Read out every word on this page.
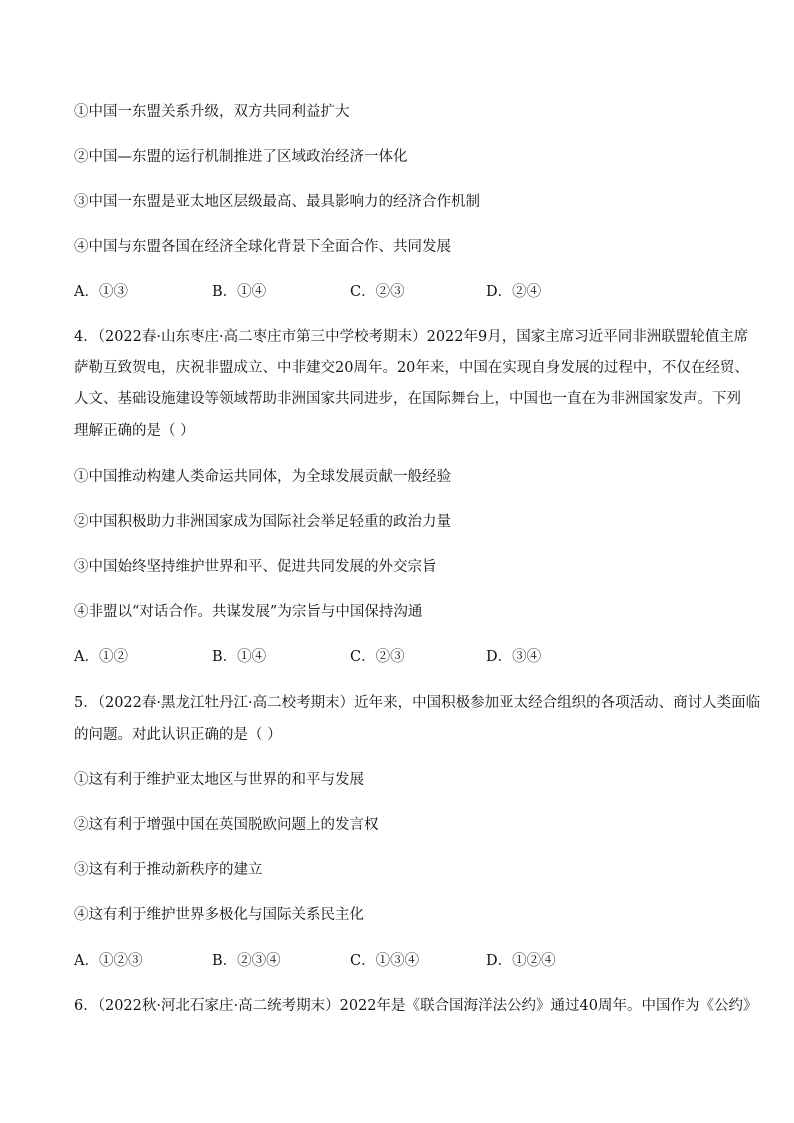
①中国一东盟关系升级，双方共同利益扩大
②中国—东盟的运行机制推进了区域政治经济一体化
③中国一东盟是亚太地区层级最高、最具影响力的经济合作机制
④中国与东盟各国在经济全球化背景下全面合作、共同发展
A．①③	B．①④	C．②③	D．②④
4．（2022春·山东枣庄·高二枣庄市第三中学校考期末）2022年9月，国家主席习近平同非洲联盟轮值主席
萨勒互致贺电，庆祝非盟成立、中非建交20周年。20年来，中国在实现自身发展的过程中，不仅在经贸、
人文、基础设施建设等领域帮助非洲国家共同进步，在国际舞台上，中国也一直在为非洲国家发声。下列
理解正确的是（ ）
①中国推动构建人类命运共同体，为全球发展贡献一般经验
②中国积极助力非洲国家成为国际社会举足轻重的政治力量
③中国始终坚持维护世界和平、促进共同发展的外交宗旨
④非盟以“对话合作。共谋发展”为宗旨与中国保持沟通
A．①②	B．①④	C．②③	D．③④
5．（2022春·黑龙江牡丹江·高二校考期末）近年来，中国积极参加亚太经合组织的各项活动、商讨人类面临
的问题。对此认识正确的是（ ）
①这有利于维护亚太地区与世界的和平与发展
②这有利于增强中国在英国脱欧问题上的发言权
③这有利于推动新秩序的建立
④这有利于维护世界多极化与国际关系民主化
A．①②③	B．②③④	C．①③④	D．①②④
6．（2022秋·河北石家庄·高二统考期末）2022年是《联合国海洋法公约》通过40周年。中国作为《公约》
